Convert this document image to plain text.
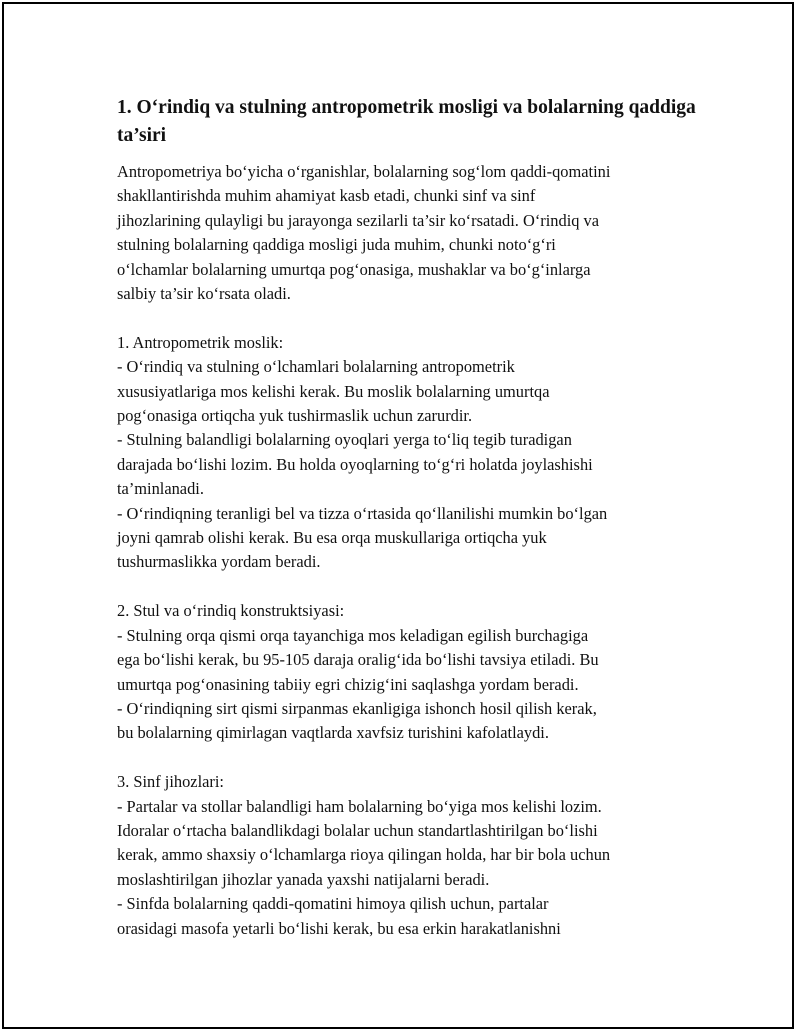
1. O‘rindiq va stulning antropometrik mosligi va bolalarning qaddiga ta’siri

Antropometriya bo‘yicha o‘rganishlar, bolalarning sog‘lom qaddi-qomatini
shakllantirishda muhim ahamiyat kasb etadi, chunki sinf va sinf
jihozlarining qulayligi bu jarayonga sezilarli ta’sir ko‘rsatadi. O‘rindiq va
stulning bolalarning qaddiga mosligi juda muhim, chunki noto‘g‘ri
o‘lchamlar bolalarning umurtqa pog‘onasiga, mushaklar va bo‘g‘inlarga
salbiy ta’sir ko‘rsata oladi.

1. Antropometrik moslik:
- O‘rindiq va stulning o‘lchamlari bolalarning antropometrik
xususiyatlariga mos kelishi kerak. Bu moslik bolalarning umurtqa
pog‘onasiga ortiqcha yuk tushirmaslik uchun zarurdir.
- Stulning balandligi bolalarning oyoqlari yerga to‘liq tegib turadigan
darajada bo‘lishi lozim. Bu holda oyoqlarning to‘g‘ri holatda joylashishi
ta’minlanadi.
- O‘rindiqning teranligi bel va tizza o‘rtasida qo‘llanilishi mumkin bo‘lgan
joyni qamrab olishi kerak. Bu esa orqa muskullariga ortiqcha yuk
tushurmaslikka yordam beradi.

2. Stul va o‘rindiq konstruktsiyasi:
- Stulning orqa qismi orqa tayanchiga mos keladigan egilish burchagiga
ega bo‘lishi kerak, bu 95-105 daraja oralig‘ida bo‘lishi tavsiya etiladi. Bu
umurtqa pog‘onasining tabiiy egri chizig‘ini saqlashga yordam beradi.
- O‘rindiqning sirt qismi sirpanmas ekanligiga ishonch hosil qilish kerak,
bu bolalarning qimirlagan vaqtlarda xavfsiz turishini kafolatlaydi.

3. Sinf jihozlari:
- Partalar va stollar balandligi ham bolalarning bo‘yiga mos kelishi lozim.
Idoralar o‘rtacha balandlikdagi bolalar uchun standartlashtirilgan bo‘lishi
kerak, ammo shaxsiy o‘lchamlarga rioya qilingan holda, har bir bola uchun
moslashtirilgan jihozlar yanada yaxshi natijalarni beradi.
- Sinfda bolalarning qaddi-qomatini himoya qilish uchun, partalar
orasidagi masofa yetarli bo‘lishi kerak, bu esa erkin harakatlanishni
